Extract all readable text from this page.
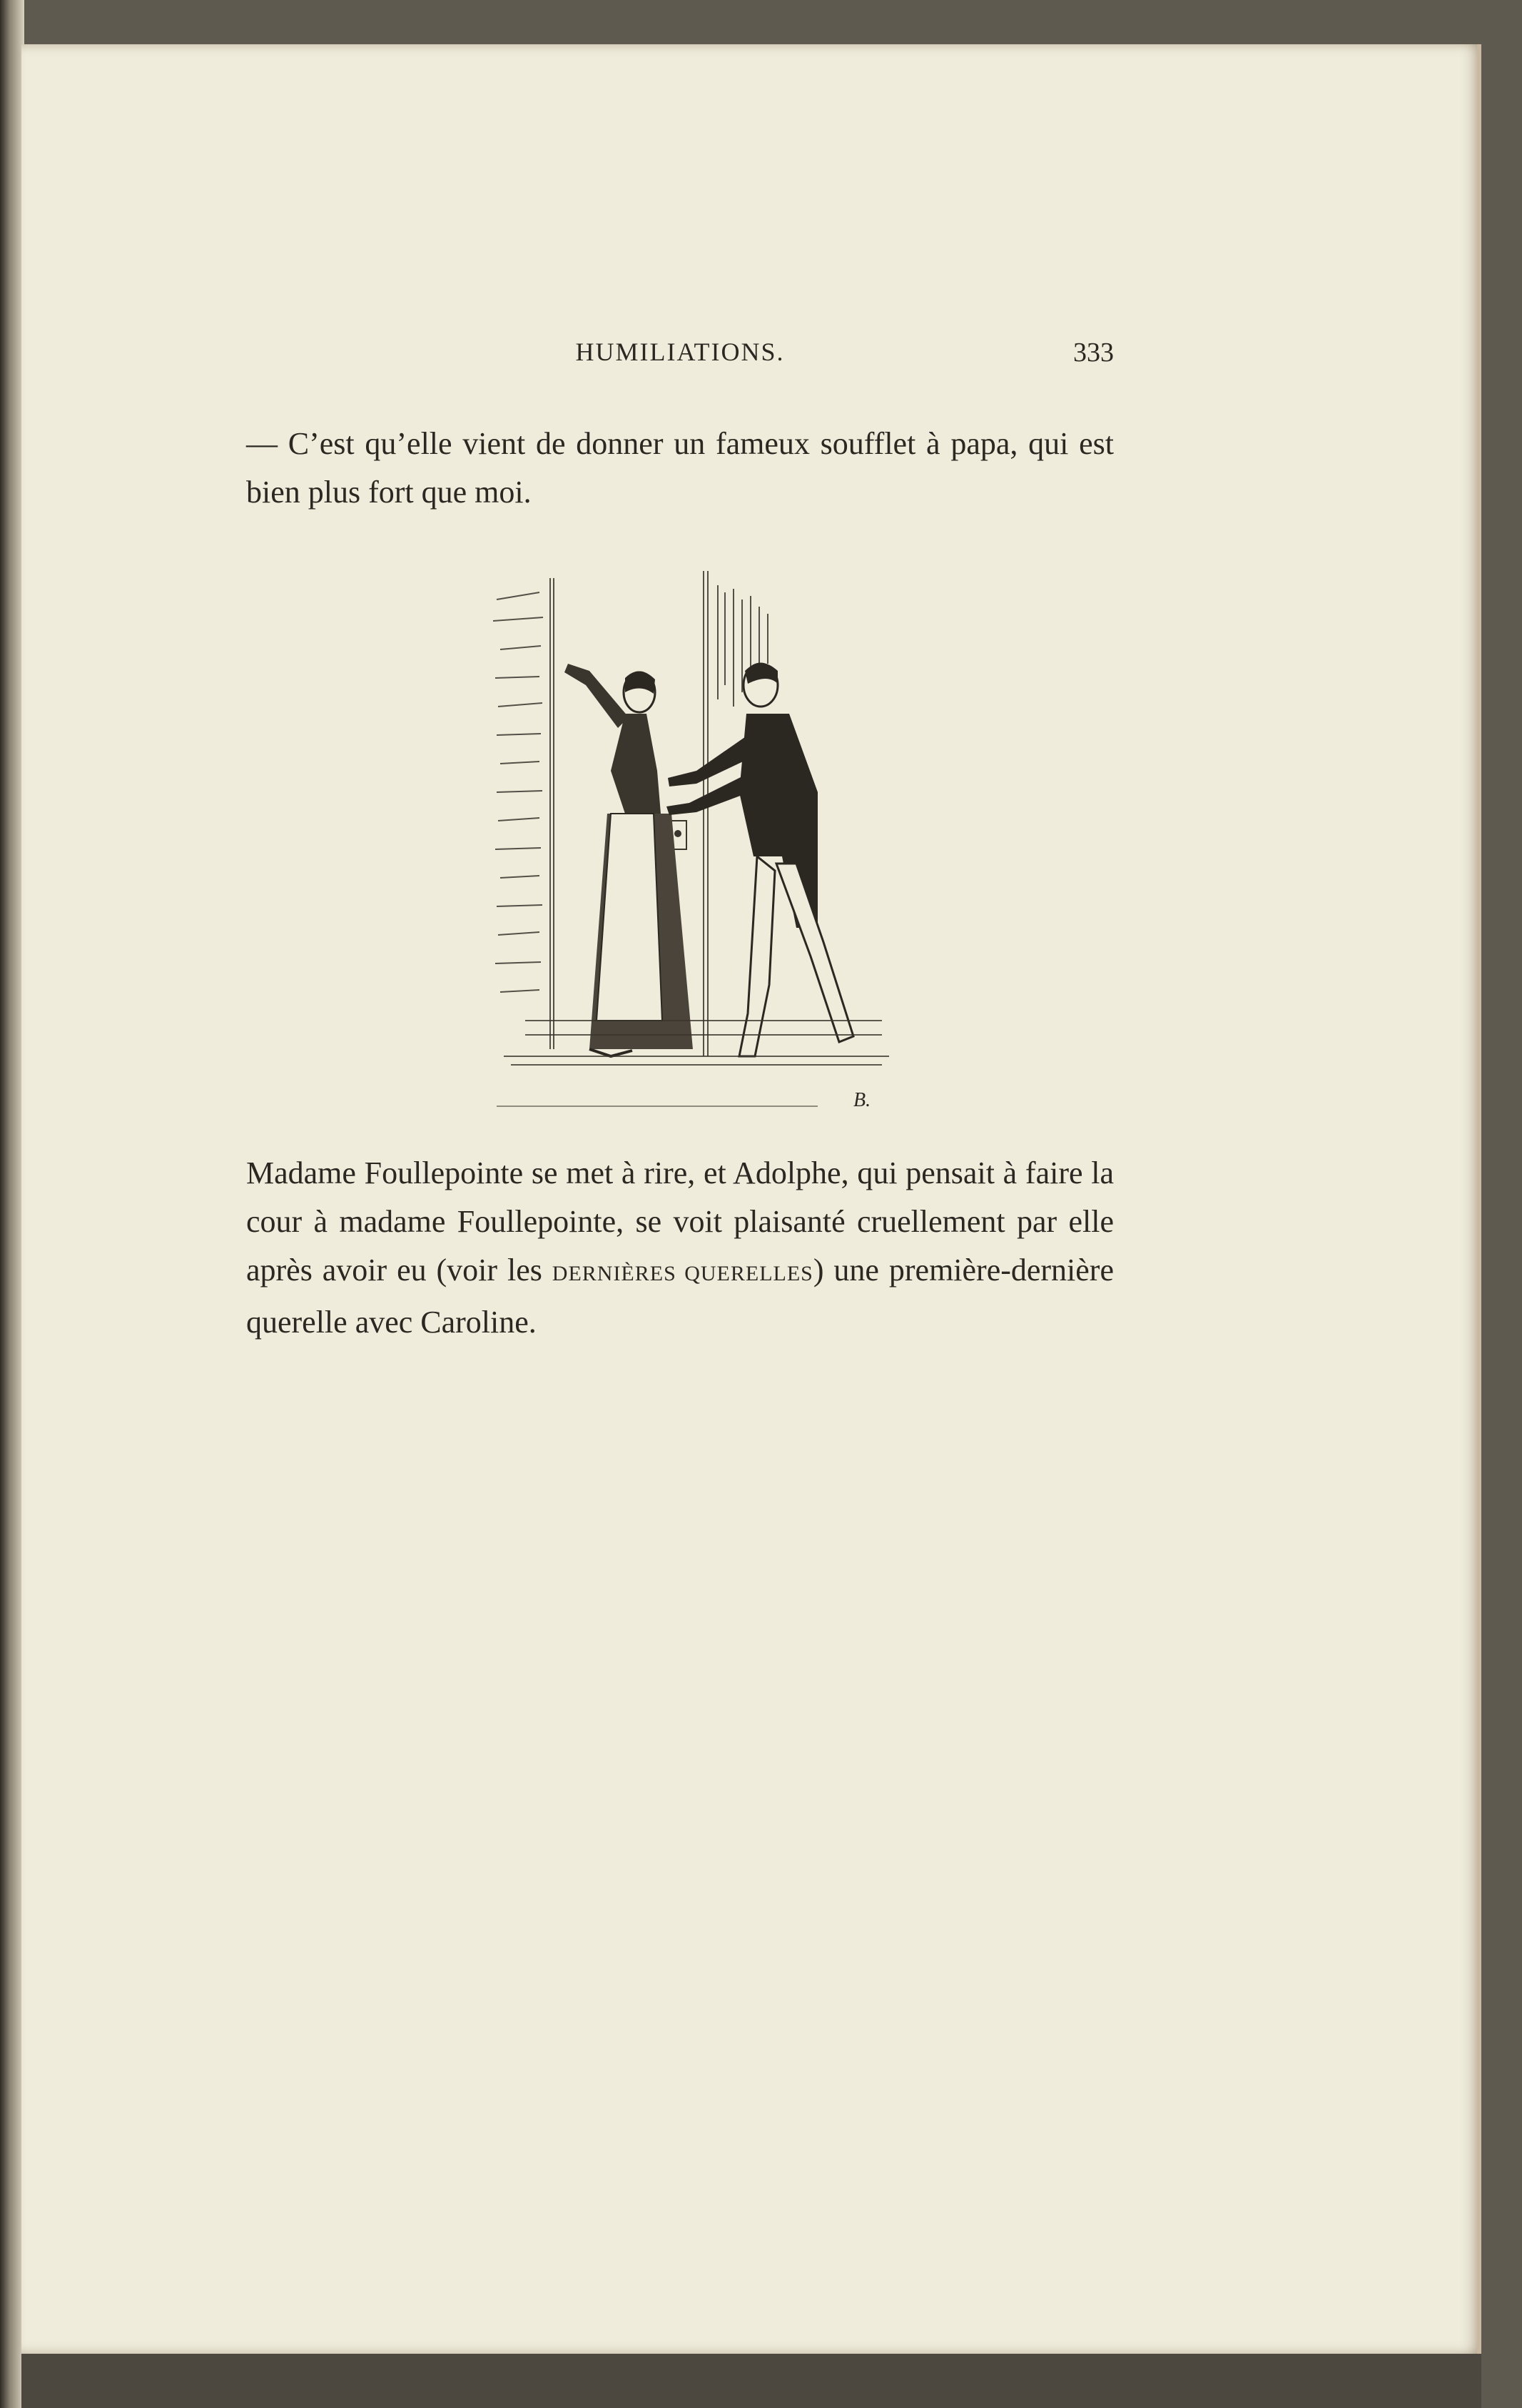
HUMILIATIONS.	333

— C’est qu’elle vient de donner un fameux soufflet à papa, qui est bien plus fort que moi.

B.

Madame Foullepointe se met à rire, et Adolphe, qui pensait à faire la cour à madame Foullepointe, se voit plaisanté cruellement par elle après avoir eu (voir les DERNIÈRES QUERELLES) une première-dernière querelle avec Caroline.
